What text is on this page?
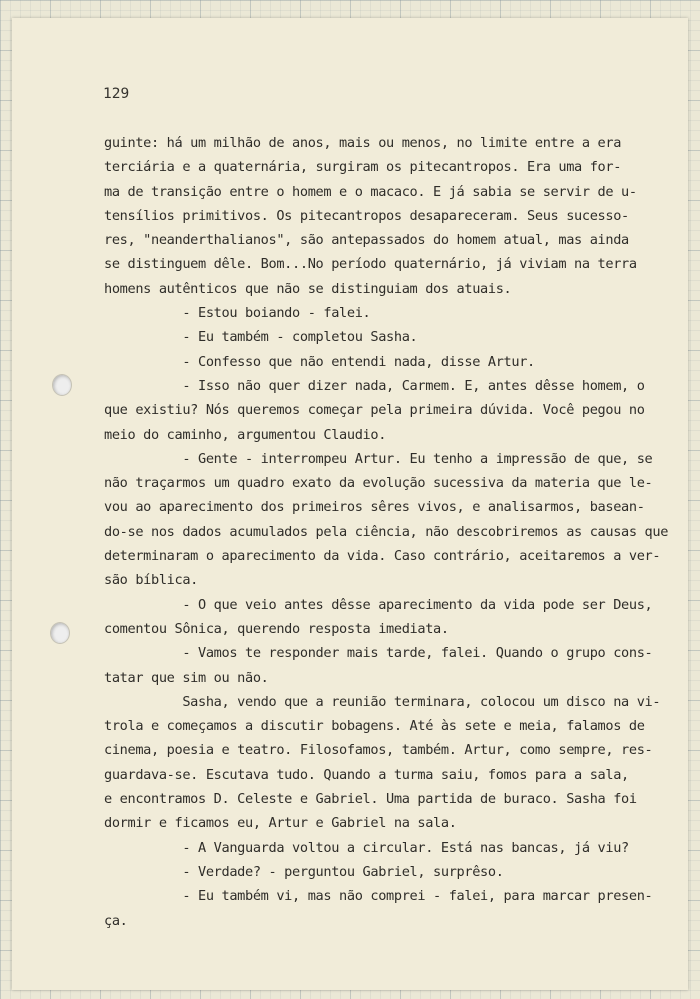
129
guinte: há um milhão de anos, mais ou menos, no limite entre a era
terciária e a quaternária, surgiram os pitecantropos. Era uma for-
ma de transição entre o homem e o macaco. E já sabia se servir de u-
tensílios primitivos. Os pitecantropos desapareceram. Seus sucesso-
res, "neanderthalianos", são antepassados do homem atual, mas ainda
se distinguem dêle. Bom...No período quaternário, já viviam na terra
homens autênticos que não se distinguiam dos atuais.
- Estou boiando - falei.
- Eu também - completou Sasha.
- Confesso que não entendi nada, disse Artur.
- Isso não quer dizer nada, Carmem. E, antes dêsse homem, o
que existiu? Nós queremos começar pela primeira dúvida. Você pegou no
meio do caminho, argumentou Claudio.
- Gente - interrompeu Artur. Eu tenho a impressão de que, se
não traçarmos um quadro exato da evolução sucessiva da materia que le-
vou ao aparecimento dos primeiros sêres vivos, e analisarmos, basean-
do-se nos dados acumulados pela ciência, não descobriremos as causas que
determinaram o aparecimento da vida. Caso contrário, aceitaremos a ver-
são bíblica.
- O que veio antes dêsse aparecimento da vida pode ser Deus,
comentou Sônica, querendo resposta imediata.
- Vamos te responder mais tarde, falei. Quando o grupo cons-
tatar que sim ou não.
Sasha, vendo que a reunião terminara, colocou um disco na vi-
trola e começamos a discutir bobagens. Até às sete e meia, falamos de
cinema, poesia e teatro. Filosofamos, também. Artur, como sempre, res-
guardava-se. Escutava tudo. Quando a turma saiu, fomos para a sala,
e encontramos D. Celeste e Gabriel. Uma partida de buraco. Sasha foi
dormir e ficamos eu, Artur e Gabriel na sala.
- A Vanguarda voltou a circular. Está nas bancas, já viu?
- Verdade? - perguntou Gabriel, surprêso.
- Eu também vi, mas não comprei - falei, para marcar presen-
ça.
